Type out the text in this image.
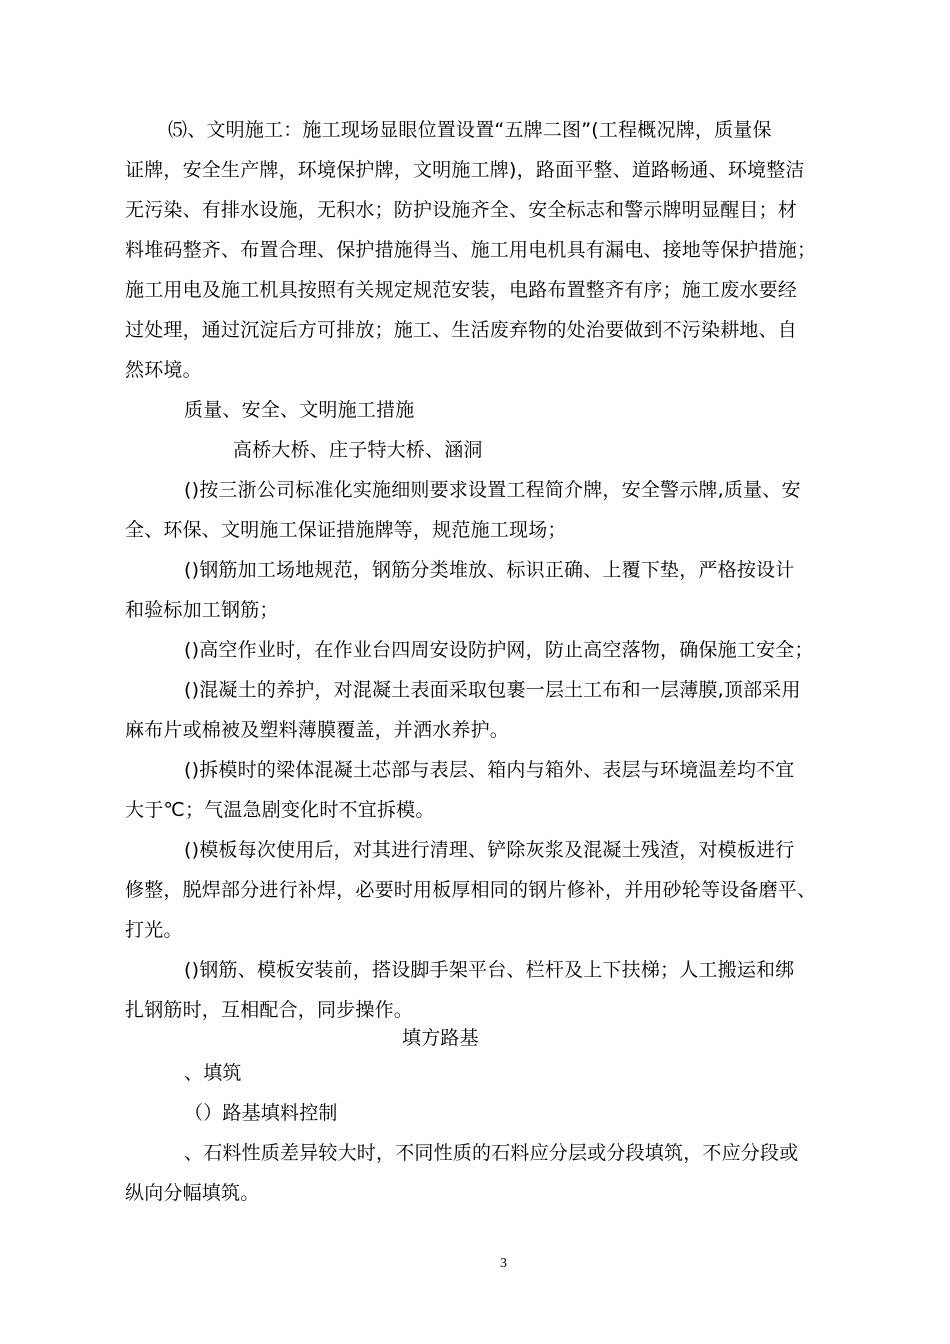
⑸、文明施工：施工现场显眼位置设置“五牌二图”(工程概况牌，质量保
证牌，安全生产牌，环境保护牌，文明施工牌)，路面平整、道路畅通、环境整洁
无污染、有排水设施，无积水；防护设施齐全、安全标志和警示牌明显醒目；材
料堆码整齐、布置合理、保护措施得当、施工用电机具有漏电、接地等保护措施；
施工用电及施工机具按照有关规定规范安装，电路布置整齐有序；施工废水要经
过处理，通过沉淀后方可排放；施工、生活废弃物的处治要做到不污染耕地、自
然环境。
质量、安全、文明施工措施
高桥大桥、庄子特大桥、涵洞
()按三浙公司标准化实施细则要求设置工程简介牌，安全警示牌,质量、安
全、环保、文明施工保证措施牌等，规范施工现场；
()钢筋加工场地规范，钢筋分类堆放、标识正确、上覆下垫，严格按设计
和验标加工钢筋；
()高空作业时，在作业台四周安设防护网，防止高空落物，确保施工安全；
()混凝土的养护，对混凝土表面采取包裹一层土工布和一层薄膜,顶部采用
麻布片或棉被及塑料薄膜覆盖，并洒水养护。
()拆模时的梁体混凝土芯部与表层、箱内与箱外、表层与环境温差均不宜
大于℃；气温急剧变化时不宜拆模。
()模板每次使用后，对其进行清理、铲除灰浆及混凝土残渣，对模板进行
修整，脱焊部分进行补焊，必要时用板厚相同的钢片修补，并用砂轮等设备磨平、
打光。
()钢筋、模板安装前，搭设脚手架平台、栏杆及上下扶梯；人工搬运和绑
扎钢筋时，互相配合，同步操作。
填方路基
、填筑
（）路基填料控制
、石料性质差异较大时，不同性质的石料应分层或分段填筑，不应分段或
纵向分幅填筑。
3
